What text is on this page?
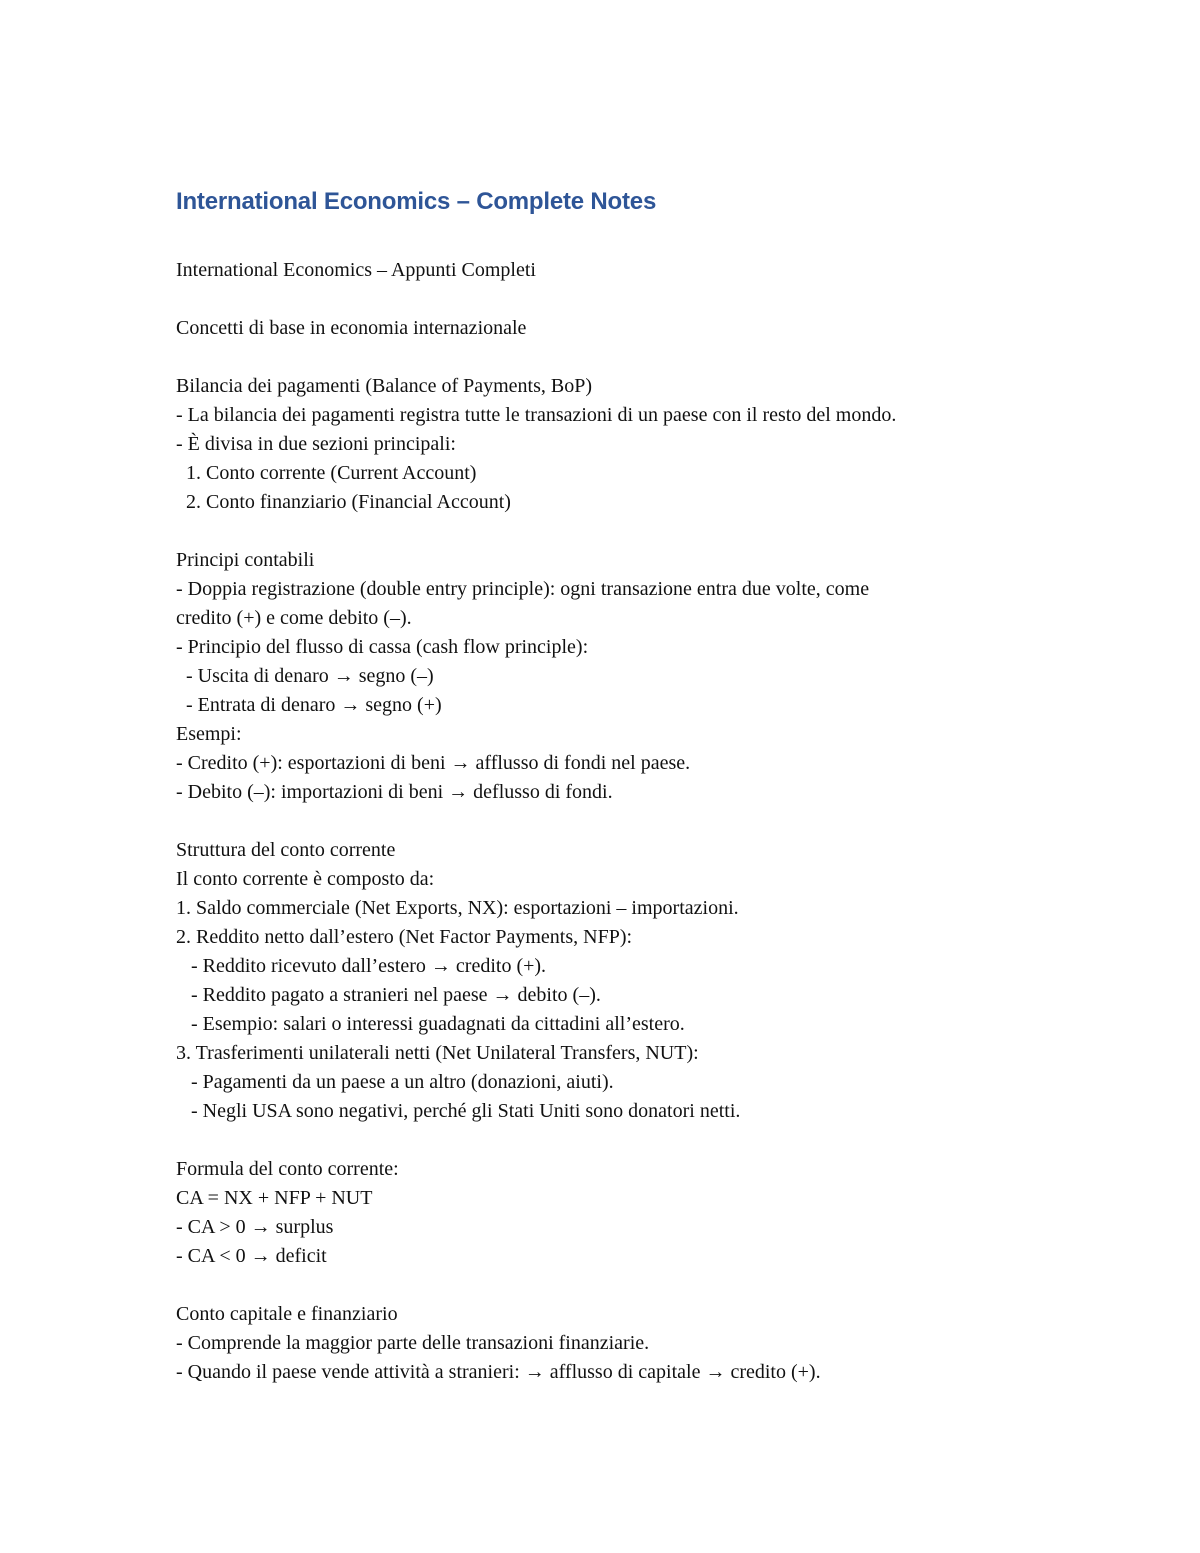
International Economics – Complete Notes
International Economics – Appunti Completi
Concetti di base in economia internazionale
Bilancia dei pagamenti (Balance of Payments, BoP)
- La bilancia dei pagamenti registra tutte le transazioni di un paese con il resto del mondo.
- È divisa in due sezioni principali:
1. Conto corrente (Current Account)
2. Conto finanziario (Financial Account)
Principi contabili
- Doppia registrazione (double entry principle): ogni transazione entra due volte, come
credito (+) e come debito (–).
- Principio del flusso di cassa (cash flow principle):
- Uscita di denaro → segno (–)
- Entrata di denaro → segno (+)
Esempi:
- Credito (+): esportazioni di beni → afflusso di fondi nel paese.
- Debito (–): importazioni di beni → deflusso di fondi.
Struttura del conto corrente
Il conto corrente è composto da:
1. Saldo commerciale (Net Exports, NX): esportazioni – importazioni.
2. Reddito netto dall’estero (Net Factor Payments, NFP):
- Reddito ricevuto dall’estero → credito (+).
- Reddito pagato a stranieri nel paese → debito (–).
- Esempio: salari o interessi guadagnati da cittadini all’estero.
3. Trasferimenti unilaterali netti (Net Unilateral Transfers, NUT):
- Pagamenti da un paese a un altro (donazioni, aiuti).
- Negli USA sono negativi, perché gli Stati Uniti sono donatori netti.
Formula del conto corrente:
CA = NX + NFP + NUT
- CA > 0 → surplus
- CA < 0 → deficit
Conto capitale e finanziario
- Comprende la maggior parte delle transazioni finanziarie.
- Quando il paese vende attività a stranieri: → afflusso di capitale → credito (+).
